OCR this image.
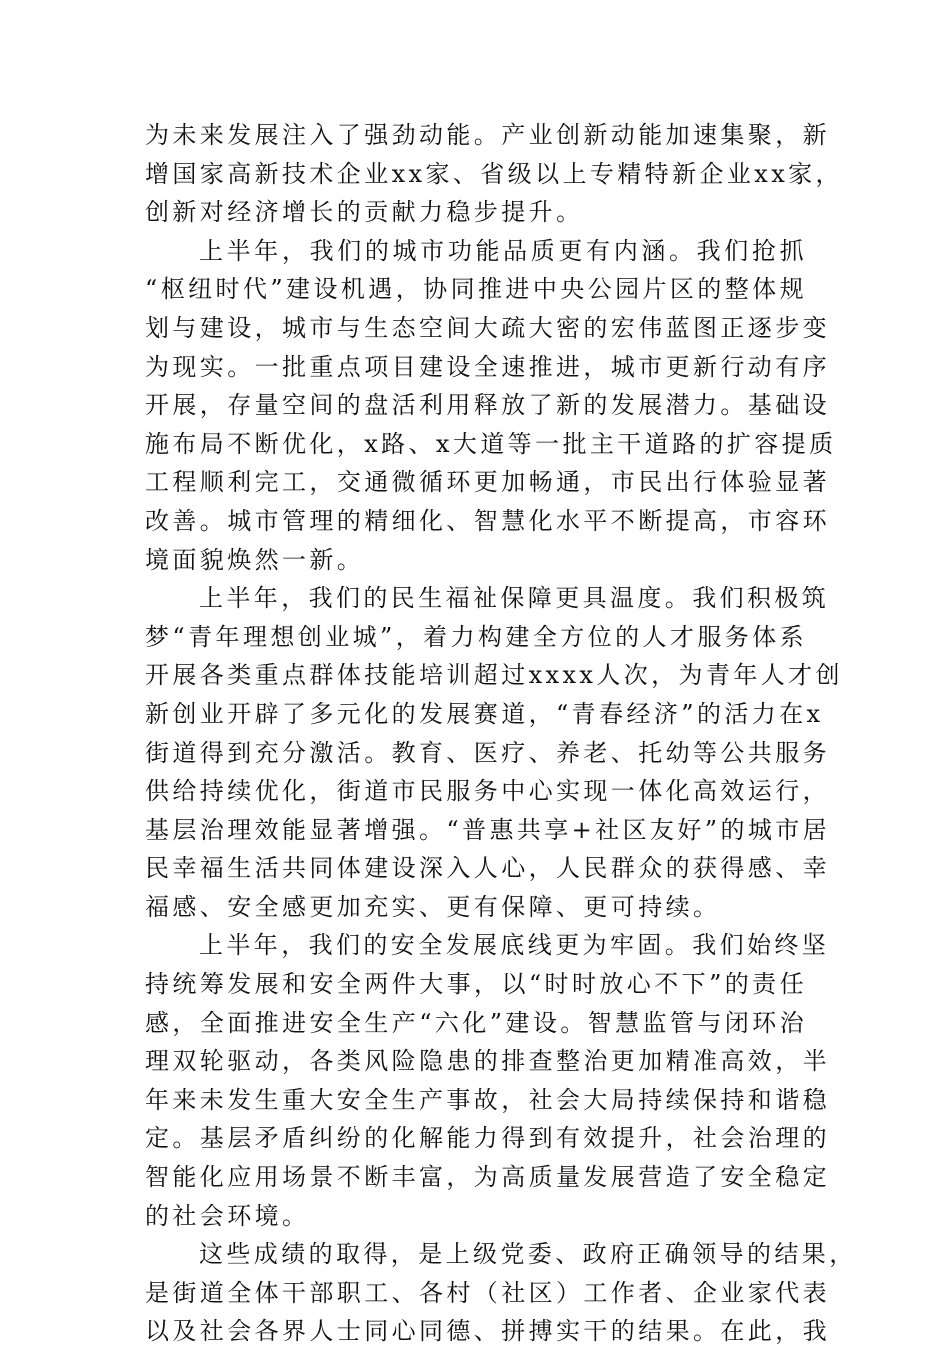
为未来发展注入了强劲动能。产业创新动能加速集聚，新
增国家高新技术企业xx家、省级以上专精特新企业xx家，
创新对经济增长的贡献力稳步提升。
上半年，我们的城市功能品质更有内涵。我们抢抓
“枢纽时代”建设机遇，协同推进中央公园片区的整体规
划与建设，城市与生态空间大疏大密的宏伟蓝图正逐步变
为现实。一批重点项目建设全速推进，城市更新行动有序
开展，存量空间的盘活利用释放了新的发展潜力。基础设
施布局不断优化，x路、x大道等一批主干道路的扩容提质
工程顺利完工，交通微循环更加畅通，市民出行体验显著
改善。城市管理的精细化、智慧化水平不断提高，市容环
境面貌焕然一新。
上半年，我们的民生福祉保障更具温度。我们积极筑
梦“青年理想创业城”，着力构建全方位的人才服务体系
开展各类重点群体技能培训超过xxxx人次，为青年人才创
新创业开辟了多元化的发展赛道，“青春经济”的活力在x
街道得到充分激活。教育、医疗、养老、托幼等公共服务
供给持续优化，街道市民服务中心实现一体化高效运行，
基层治理效能显著增强。“普惠共享+社区友好”的城市居
民幸福生活共同体建设深入人心，人民群众的获得感、幸
福感、安全感更加充实、更有保障、更可持续。
上半年，我们的安全发展底线更为牢固。我们始终坚
持统筹发展和安全两件大事，以“时时放心不下”的责任
感，全面推进安全生产“六化”建设。智慧监管与闭环治
理双轮驱动，各类风险隐患的排查整治更加精准高效，半
年来未发生重大安全生产事故，社会大局持续保持和谐稳
定。基层矛盾纠纷的化解能力得到有效提升，社会治理的
智能化应用场景不断丰富，为高质量发展营造了安全稳定
的社会环境。
这些成绩的取得，是上级党委、政府正确领导的结果，
是街道全体干部职工、各村（社区）工作者、企业家代表
以及社会各界人士同心同德、拼搏实干的结果。在此，我
